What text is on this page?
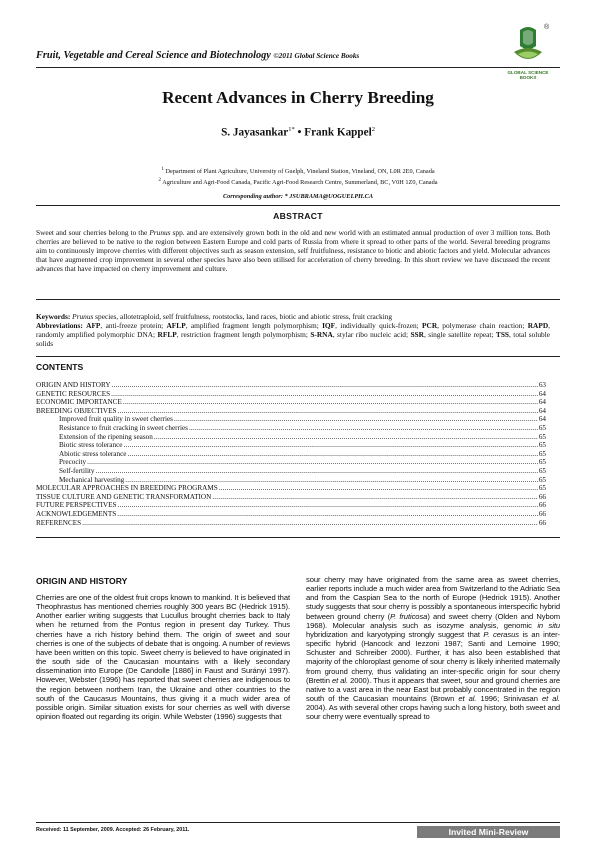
Fruit, Vegetable and Cereal Science and Biotechnology ©2011 Global Science Books
®
GLOBAL SCIENCE
BOOKS
Recent Advances in Cherry Breeding
S. Jayasankar$^{1*}$ • Frank Kappel$^2$
$^1$ Department of Plant Agriculture, University of Guelph, Vineland Station, Vineland, ON, L0R 2E0, Canada
$^2$ Agriculture and Agri-Food Canada, Pacific Agri-Food Research Centre, Summerland, BC, V0H 1Z0, Canada
Corresponding author: * JSUBRAMA@UOGUELPH.CA
ABSTRACT
Sweet and sour cherries belong to the Prunus spp. and are extensively grown both in the old and new world with an estimated annual production of over 3 million tons. Both cherries are believed to be native to the region between Eastern Europe and cold parts of Russia from where it spread to other parts of the world. Several breeding programs aim to continuously improve cherries with different objectives such as season extension, self fruitfulness, resistance to biotic and abiotic factors and yield. Molecular advances that have augmented crop improvement in several other species have also been utilised for acceleration of cherry breeding. In this short review we have discussed the recent advances that have impacted on cherry improvement and culture.
Keywords: Prunus species, allotetraploid, self fruitfulness, rootstocks, land races, biotic and abiotic stress, fruit cracking
Abbreviations: AFP, anti-freeze protein; AFLP, amplified fragment length polymorphism; IQF, individually quick-frozen; PCR, polymerase chain reaction; RAPD, randomly amplified polymorphic DNA; RFLP, restriction fragment length polymorphism; S-RNA, stylar ribo nucleic acid; SSR, single satellite repeat; TSS, total soluble solids
CONTENTS
ORIGIN AND HISTORY .....	63
GENETIC RESOURCES .....	64
ECONOMIC IMPORTANCE .....	64
BREEDING OBJECTIVES .....	64
Improved fruit quality in sweet cherries .....	64
Resistance to fruit cracking in sweet cherries .....	65
Extension of the ripening season .....	65
Biotic stress tolerance .....	65
Abiotic stress tolerance .....	65
Precocity .....	65
Self-fertility .....	65
Mechanical harvesting .....	65
MOLECULAR APPROACHES IN BREEDING PROGRAMS .....	65
TISSUE CULTURE AND GENETIC TRANSFORMATION .....	66
FUTURE PERSPECTIVES .....	66
ACKNOWLEDGEMENTS .....	66
REFERENCES .....	66
ORIGIN AND HISTORY
Cherries are one of the oldest fruit crops known to mankind. It is believed that Theophrastus has mentioned cherries roughly 300 years BC (Hedrick 1915). Another earlier writing suggests that Lucullus brought cherries back to Italy when he returned from the Pontus region in present day Turkey. Thus cherries have a rich history behind them. The origin of sweet and sour cherries is one of the subjects of debate that is ongoing. A number of reviews have been written on this topic. Sweet cherry is believed to have originated in the south side of the Caucasian mountains with a likely secondary dissemination into Europe (De Candolle [1886] in Faust and Surányi 1997). However, Webster (1996) has reported that sweet cherries are indigenous to the region between northern Iran, the Ukraine and other countries to the south of the Caucasus Mountains, thus giving it a much wider area of possible origin. Similar situation exists for sour cherries as well with diverse opinion floated out regarding its origin. While Webster (1996) suggests that
sour cherry may have originated from the same area as sweet cherries, earlier reports include a much wider area from Switzerland to the Adriatic Sea and from the Caspian Sea to the north of Europe (Hedrick 1915). Another study suggests that sour cherry is possibly a spontaneous interspecific hybrid between ground cherry (P. fruticosa) and sweet cherry (Olden and Nybom 1968). Molecular analysis such as isozyme analysis, genomic in situ hybridization and karyotyping strongly suggest that P. cerasus is an inter-specific hybrid (Hancock and Iezzoni 1987; Santi and Lemoine 1990; Schuster and Schreiber 2000). Further, it has also been established that majority of the chloroplast genome of sour cherry is likely inherited maternally from ground cherry, thus validating an inter-specific origin for sour cherry (Brettin et al. 2000). Thus it appears that sweet, sour and ground cherries are native to a vast area in the near East but probably concentrated in the region south of the Caucasian mountains (Brown et al. 1996; Srinivasan et al. 2004). As with several other crops having such a long history, both sweet and sour cherry were eventually spread to
Received: 11 September, 2009. Accepted: 26 February, 2011.	Invited Mini-Review
